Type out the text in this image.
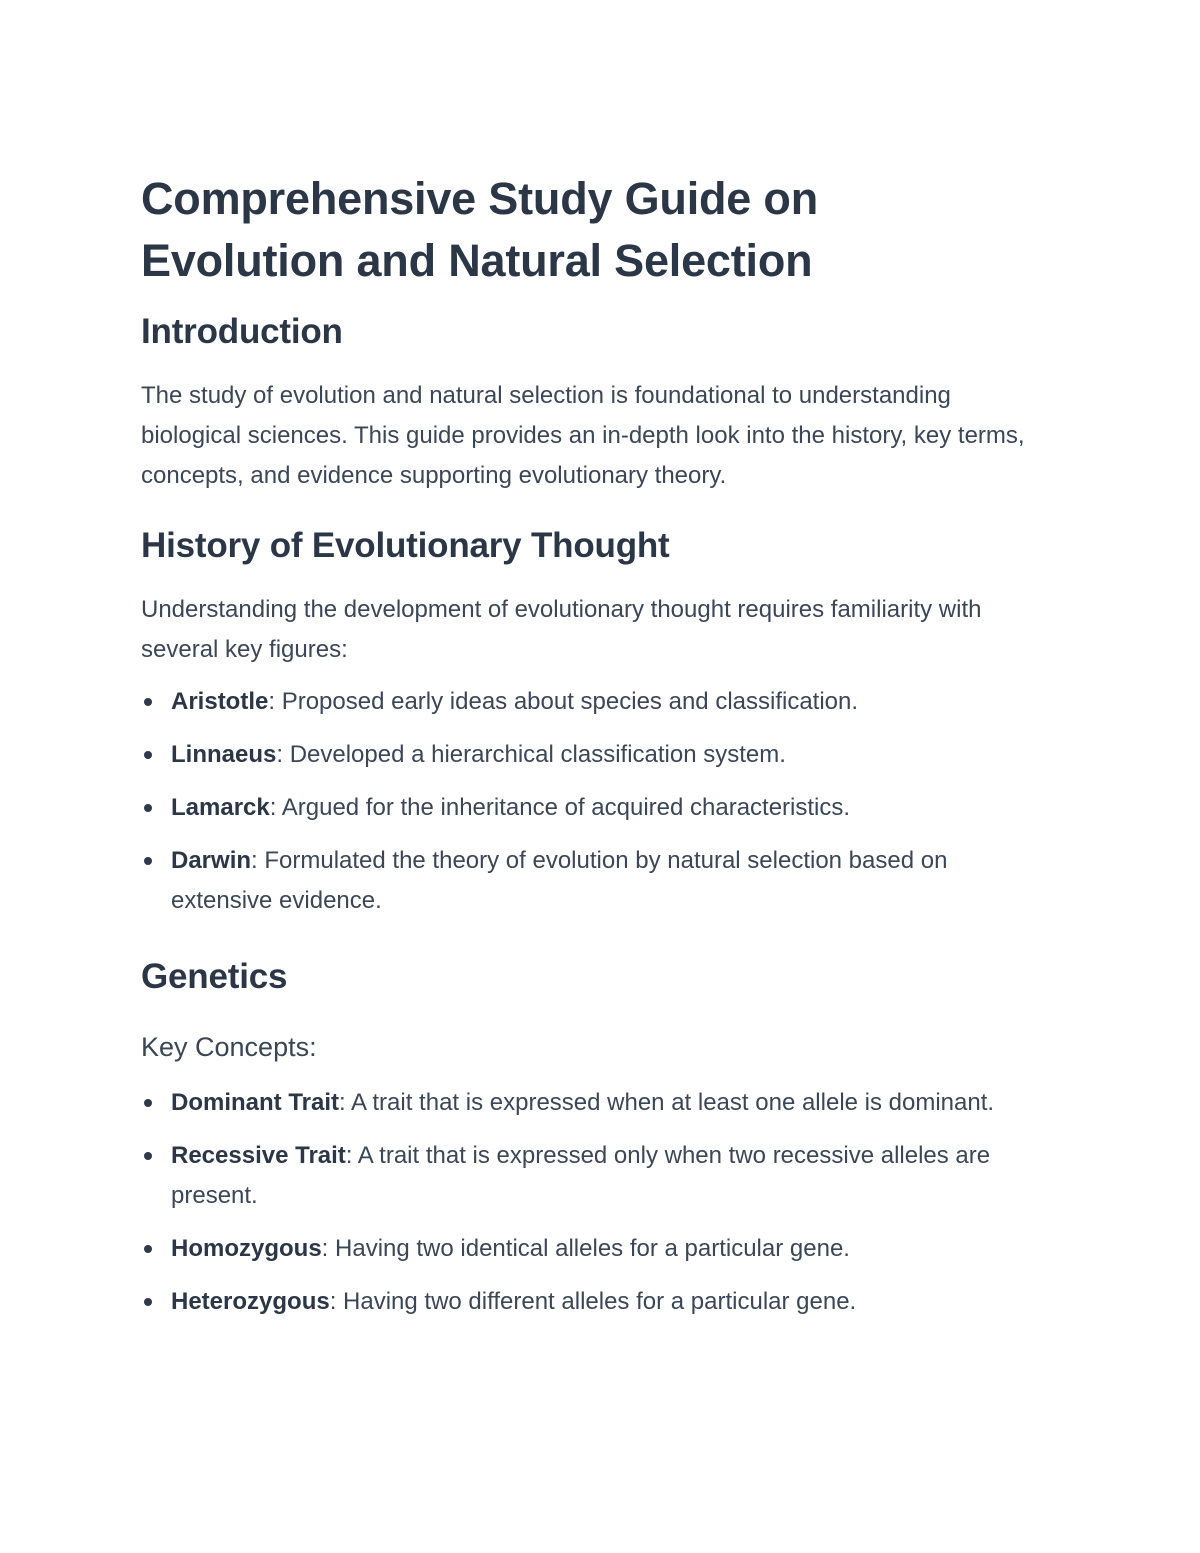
Comprehensive Study Guide on
Evolution and Natural Selection
Introduction

The study of evolution and natural selection is foundational to understanding biological sciences. This guide provides an in-depth look into the history, key terms, concepts, and evidence supporting evolutionary theory.

History of Evolutionary Thought

Understanding the development of evolutionary thought requires familiarity with several key figures:

Aristotle: Proposed early ideas about species and classification.
Linnaeus: Developed a hierarchical classification system.
Lamarck: Argued for the inheritance of acquired characteristics.
Darwin: Formulated the theory of evolution by natural selection based on extensive evidence.
Genetics
Key Concepts:
Dominant Trait: A trait that is expressed when at least one allele is dominant.
Recessive Trait: A trait that is expressed only when two recessive alleles are present.
Homozygous: Having two identical alleles for a particular gene.
Heterozygous: Having two different alleles for a particular gene.
